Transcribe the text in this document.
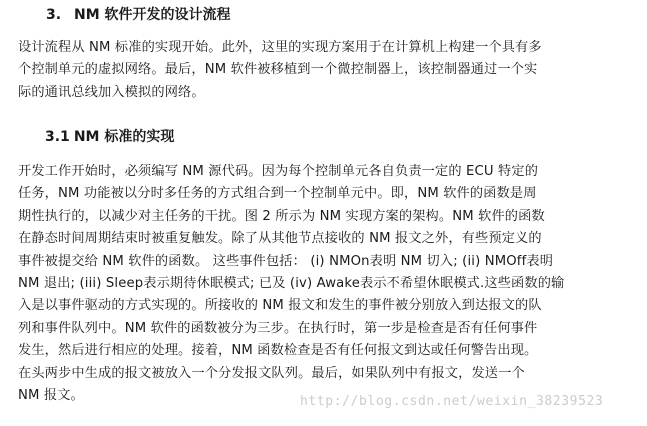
3. NM 软件开发的设计流程
设计流程从 NM 标准的实现开始。此外，这里的实现方案用于在计算机上构建一个具有多
个控制单元的虚拟网络。最后，NM 软件被移植到一个微控制器上，该控制器通过一个实
际的通讯总线加入模拟的网络。
3.1 NM 标准的实现
开发工作开始时，必须编写 NM 源代码。因为每个控制单元各自负责一定的 ECU 特定的
任务，NM 功能被以分时多任务的方式组合到一个控制单元中。即，NM 软件的函数是周
期性执行的，以减少对主任务的干扰。图 2 所示为 NM 实现方案的架构。NM 软件的函数
在静态时间周期结束时被重复触发。除了从其他节点接收的 NM 报文之外，有些预定义的
事件被提交给 NM 软件的函数。 这些事件包括： (i) NMOn表明 NM 切入; (ii) NMOff表明
NM 退出; (iii) Sleep表示期待休眠模式; 已及 (iv) Awake表示不希望休眠模式.这些函数的输
入是以事件驱动的方式实现的。所接收的 NM 报文和发生的事件被分别放入到达报文的队
列和事件队列中。NM 软件的函数被分为三步。在执行时，第一步是检查是否有任何事件
发生，然后进行相应的处理。接着，NM 函数检查是否有任何报文到达或任何警告出现。
在头两步中生成的报文被放入一个分发报文队列。最后，如果队列中有报文，发送一个
NM 报文。	http://blog.csdn.net/weixin_38239523
